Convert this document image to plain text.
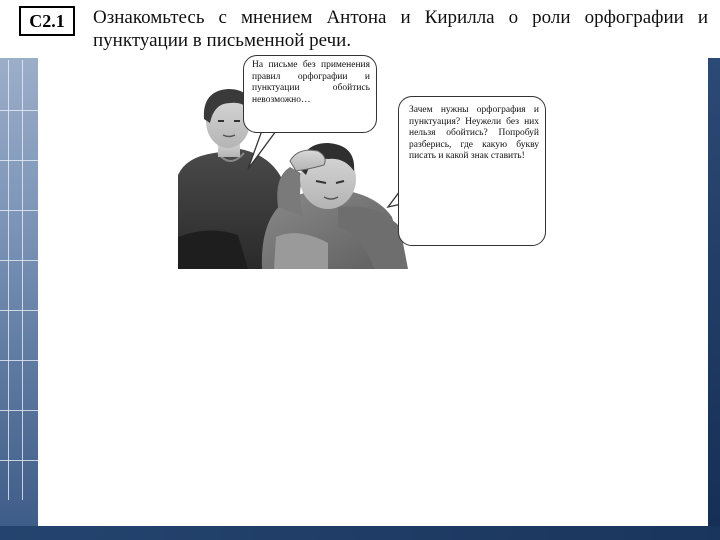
С2.1 Ознакомьтесь с мнением Антона и Кирилла о роли орфографии и пунктуации в письменной речи.
На письме без применения правил орфографии и пунктуации обойтись невозможно…
Зачем нужны орфография и пунктуация? Неужели без них нельзя обойтись? Попробуй разберись, где какую букву писать и какой знак ставить!
